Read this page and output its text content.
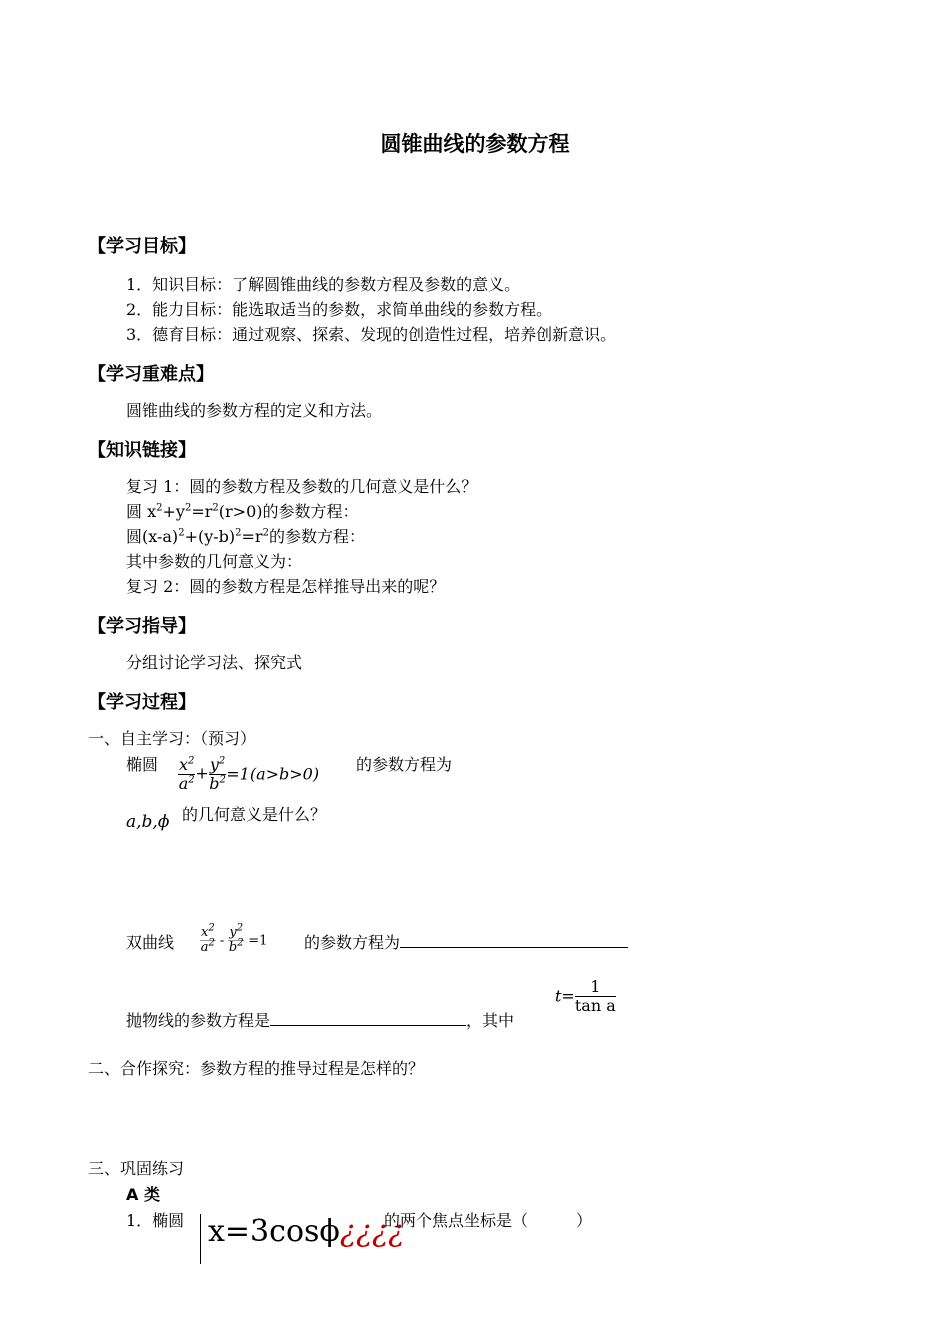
圆锥曲线的参数方程
【学习目标】
1．知识目标：了解圆锥曲线的参数方程及参数的意义。
2．能力目标：能选取适当的参数，求简单曲线的参数方程。
3．德育目标：通过观察、探索、发现的创造性过程，培养创新意识。
【学习重难点】
圆锥曲线的参数方程的定义和方法。
【知识链接】
复习 1：圆的参数方程及参数的几何意义是什么？
圆 $x^2+y^2=r^2(r>0)$的参数方程：
圆$(x-a)^2+(y-b)^2=r^2$的参数方程：
其中参数的几何意义为：
复习 2：圆的参数方程是怎样推导出来的呢？
【学习指导】
分组讨论学习法、探究式
【学习过程】
一、自主学习：（预习）
椭圆 $\frac{x^2}{a^2} + \frac{y^2}{b^2} =1(a>b>0)$
的参数方程为
a,b,ϕ 的几何意义是什么？
双曲线 $\frac{x^2}{a^2} - \frac{y^2}{b^2} =1$ 的参数方程为
抛物线的参数方程是	，其中
$t= \frac{1}{\text{tan a}}$
二、合作探究：参数方程的推导过程是怎样的？
三、巩固练习
A 类
1．椭圆 x=3cosϕ¿¿¿¿
的两个焦点坐标是（　　　）
